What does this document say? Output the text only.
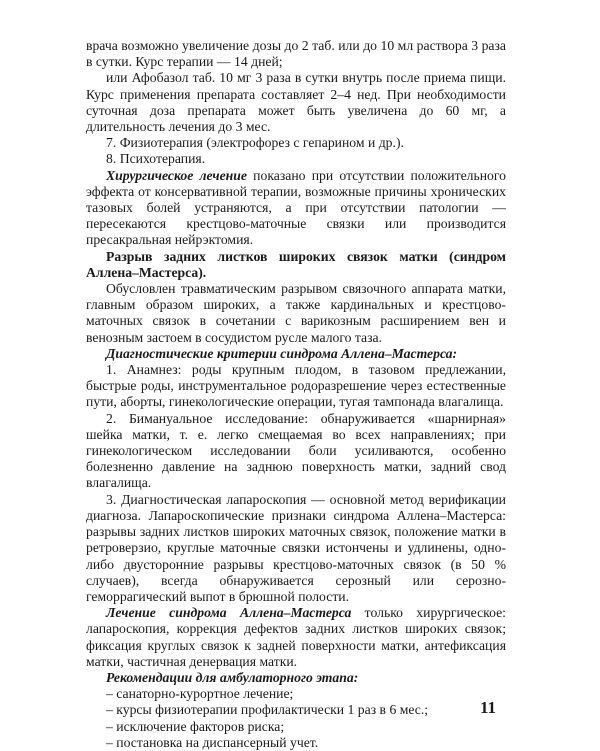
врача возможно увеличение дозы до 2 таб. или до 10 мл раствора 3 раза в сутки. Курс терапии — 14 дней;

или Афобазол таб. 10 мг 3 раза в сутки внутрь после приема пищи. Курс применения препарата составляет 2–4 нед. При необходимости суточная доза препарата может быть увеличена до 60 мг, а длительность лечения до 3 мес.

7. Физиотерапия (электрофорез с гепарином и др.).

8. Психотерапия.

Хирургическое лечение показано при отсутствии положительного эффекта от консервативной терапии, возможные причины хронических тазовых болей устраняются, а при отсутствии патологии — пересекаются крестцово-маточные связки или производится пресакральная нейрэктомия.

Разрыв задних листков широких связок матки (синдром Аллена–Мастерса).

Обусловлен травматическим разрывом связочного аппарата матки, главным образом широких, а также кардинальных и крестцово-маточных связок в сочетании с варикозным расширением вен и венозным застоем в сосудистом русле малого таза.

Диагностические критерии синдрома Аллена–Мастерса:

1. Анамнез: роды крупным плодом, в тазовом предлежании, быстрые роды, инструментальное родоразрешение через естественные пути, аборты, гинекологические операции, тугая тампонада влагалища.

2. Бимануальное исследование: обнаруживается «шарнирная» шейка матки, т. е. легко смещаемая во всех направлениях; при гинекологическом исследовании боли усиливаются, особенно болезненно давление на заднюю поверхность матки, задний свод влагалища.

3. Диагностическая лапароскопия — основной метод верификации диагноза. Лапароскопические признаки синдрома Аллена–Мастерса: разрывы задних листков широких маточных связок, положение матки в ретроверзио, круглые маточные связки истончены и удлинены, одно- либо двусторонние разрывы крестцово-маточных связок (в 50 % случаев), всегда обнаруживается серозный или серозно-геморрагический выпот в брюшной полости.

Лечение синдрома Аллена–Мастерса только хирургическое: лапароскопия, коррекция дефектов задних листков широких связок; фиксация круглых связок к задней поверхности матки, антефиксация матки, частичная денервация матки.

Рекомендации для амбулаторного этапа:

– санаторно-курортное лечение;

– курсы физиотерапии профилактически 1 раз в 6 мес.;

– исключение факторов риска;

– постановка на диспансерный учет.

11
